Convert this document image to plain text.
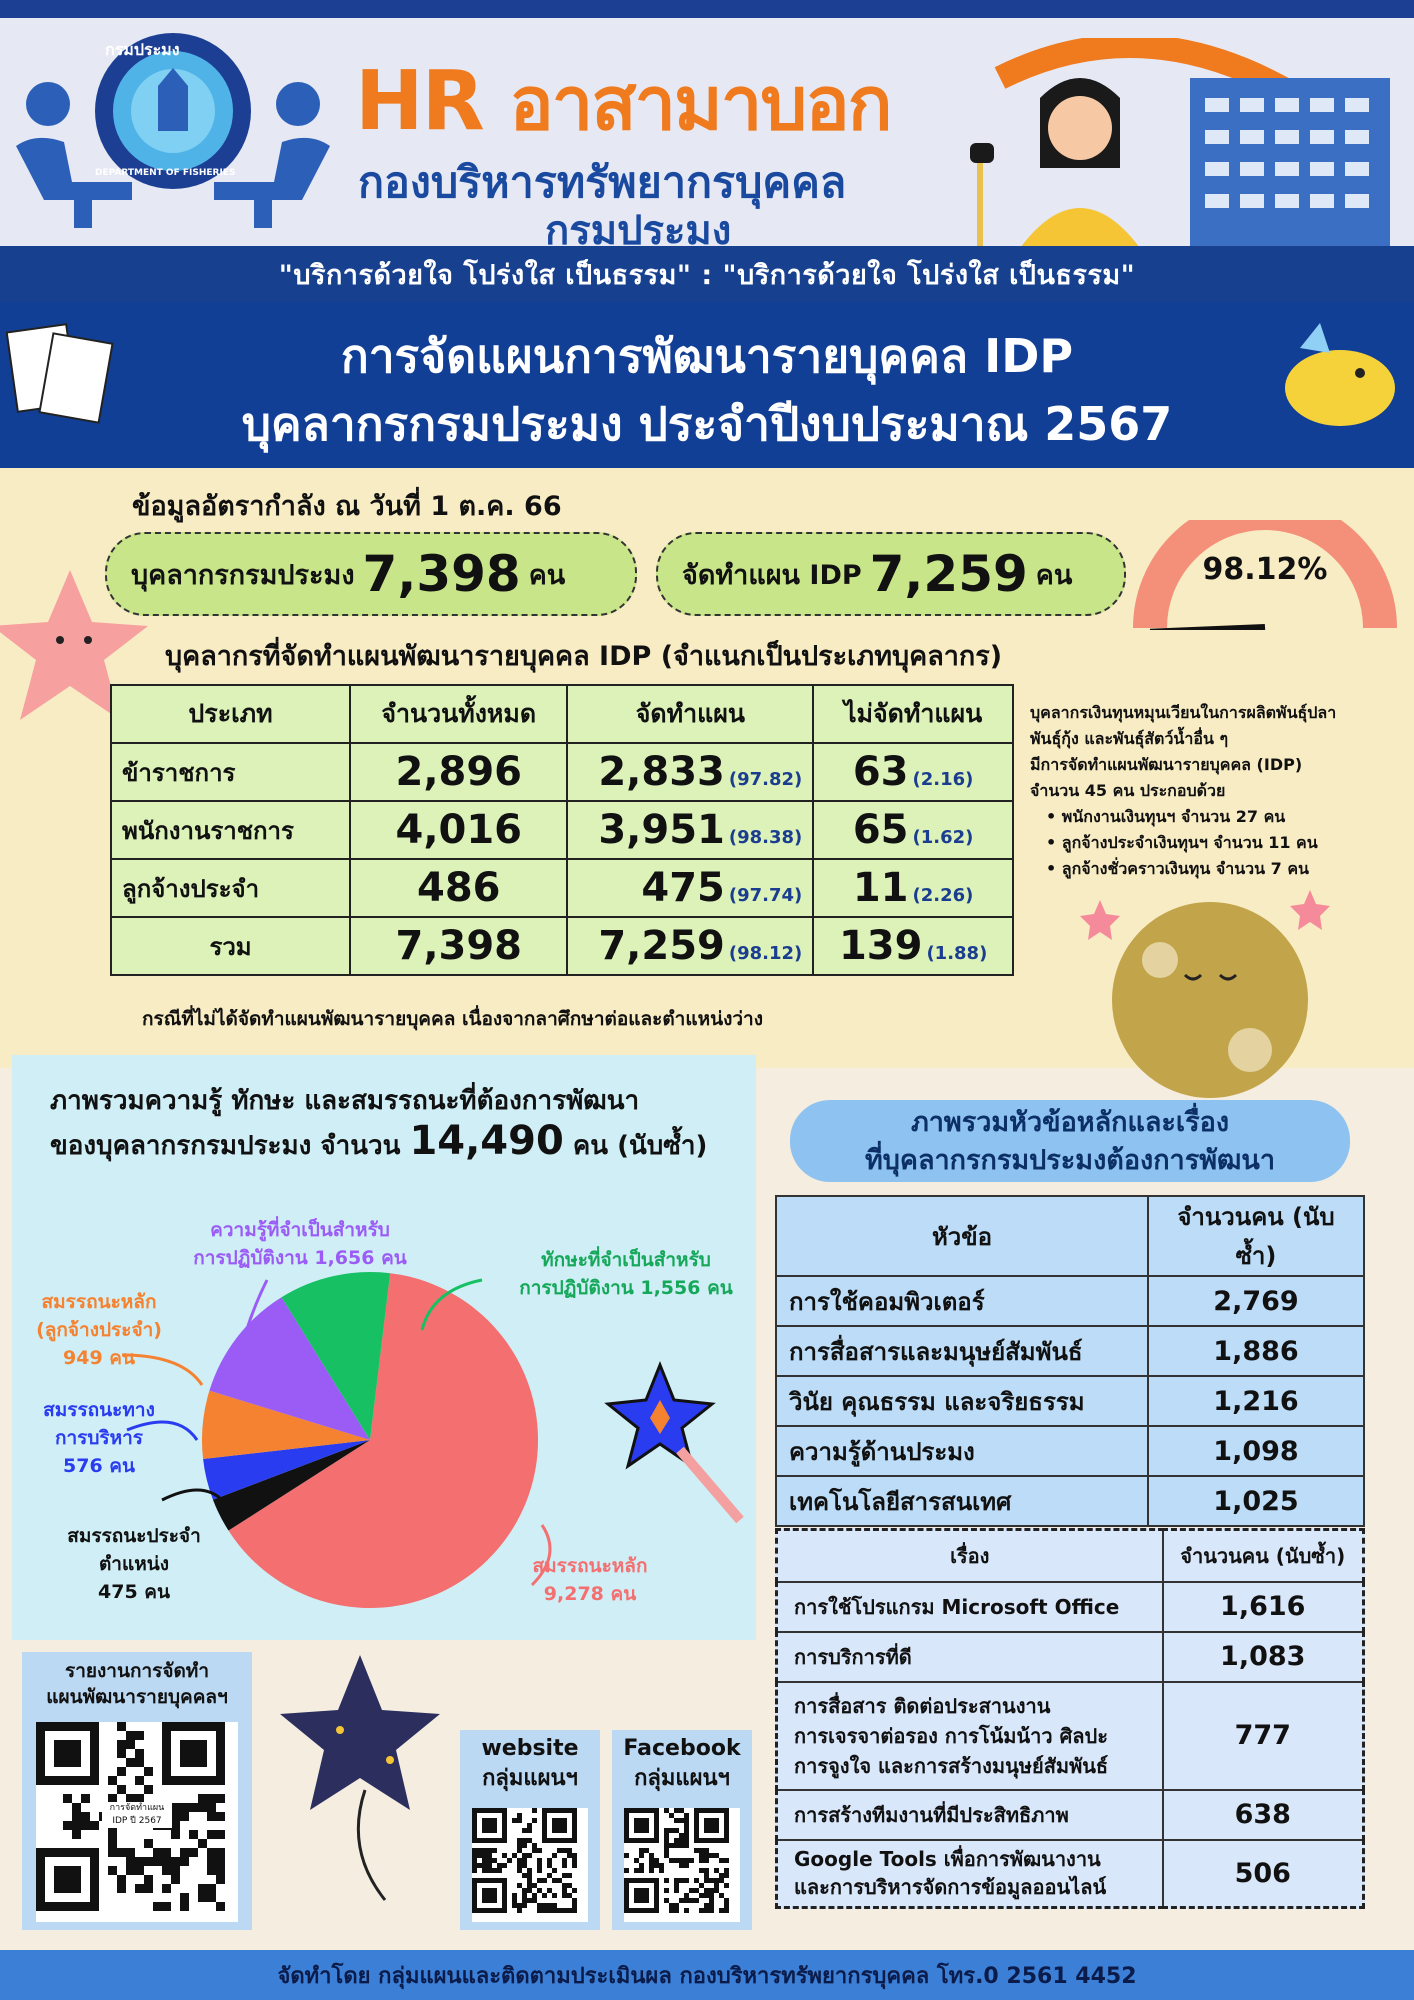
กรมประมง
DEPARTMENT OF FISHERIES
HR อาสามาบอก
กองบริหารทรัพยากรบุคคล
กรมประมง
"บริการด้วยใจ โปร่งใส เป็นธรรม" : "บริการด้วยใจ โปร่งใส เป็นธรรม"
การจัดแผนการพัฒนารายบุคคล IDP
บุคลากรกรมประมง ประจำปีงบประมาณ 2567
ข้อมูลอัตรากำลัง ณ วันที่ 1 ต.ค. 66
บุคลากรกรมประมง 7,398 คน	จัดทำแผน IDP 7,259 คน	98.12%
บุคลากรที่จัดทำแผนพัฒนารายบุคคล IDP (จำแนกเป็นประเภทบุคลากร)
ประเภท	จำนวนทั้งหมด	จัดทำแผน	ไม่จัดทำแผน
ข้าราชการ	2,896	2,833 (97.82)	63 (2.16)
พนักงานราชการ	4,016	3,951 (98.38)	65 (1.62)
ลูกจ้างประจำ	486	475 (97.74)	11 (2.26)
รวม	7,398	7,259 (98.12)	139 (1.88)
กรณีที่ไม่ได้จัดทำแผนพัฒนารายบุคคล เนื่องจากลาศึกษาต่อและตำแหน่งว่าง
บุคลากรเงินทุนหมุนเวียนในการผลิตพันธุ์ปลา
พันธุ์กุ้ง และพันธุ์สัตว์น้ำอื่น ๆ
มีการจัดทำแผนพัฒนารายบุคคล (IDP)
จำนวน 45 คน ประกอบด้วย
• พนักงานเงินทุนฯ จำนวน 27 คน
• ลูกจ้างประจำเงินทุนฯ จำนวน 11 คน
• ลูกจ้างชั่วคราวเงินทุน จำนวน 7 คน
ภาพรวมความรู้ ทักษะ และสมรรถนะที่ต้องการพัฒนา
ของบุคลากรกรมประมง จำนวน 14,490 คน (นับซ้ำ)
ความรู้ที่จำเป็นสำหรับ
การปฏิบัติงาน 1,656 คน	ทักษะที่จำเป็นสำหรับ
การปฏิบัติงาน 1,556 คน
สมรรถนะหลัก
(ลูกจ้างประจำ)
949 คน
สมรรถนะทาง
การบริหาร
576 คน
สมรรถนะประจำ
ตำแหน่ง
475 คน
สมรรถนะหลัก
9,278 คน
ภาพรวมหัวข้อหลักและเรื่อง
ที่บุคลากรกรมประมงต้องการพัฒนา
หัวข้อ	จำนวนคน (นับซ้ำ)
การใช้คอมพิวเตอร์	2,769
การสื่อสารและมนุษย์สัมพันธ์	1,886
วินัย คุณธรรม และจริยธรรม	1,216
ความรู้ด้านประมง	1,098
เทคโนโลยีสารสนเทศ	1,025
เรื่อง	จำนวนคน (นับซ้ำ)

การใช้โปรแกรม Microsoft Office	1,616

การบริการที่ดี	1,083

การสื่อสาร ติดต่อประสานงาน
การเจรจาต่อรอง การโน้มน้าว ศิลปะ
การจูงใจ และการสร้างมนุษย์สัมพันธ์	777

การสร้างทีมงานที่มีประสิทธิภาพ	638

Google Tools เพื่อการพัฒนางาน
และการบริหารจัดการข้อมูลออนไลน์	506
รายงานการจัดทำ
แผนพัฒนารายบุคคลฯ
การจัดทำแผน
IDP ปี 2567
website
กลุ่มแผนฯ
Facebook
กลุ่มแผนฯ
จัดทำโดย กลุ่มแผนและติดตามประเมินผล กองบริหารทรัพยากรบุคคล โทร.0 2561 4452
